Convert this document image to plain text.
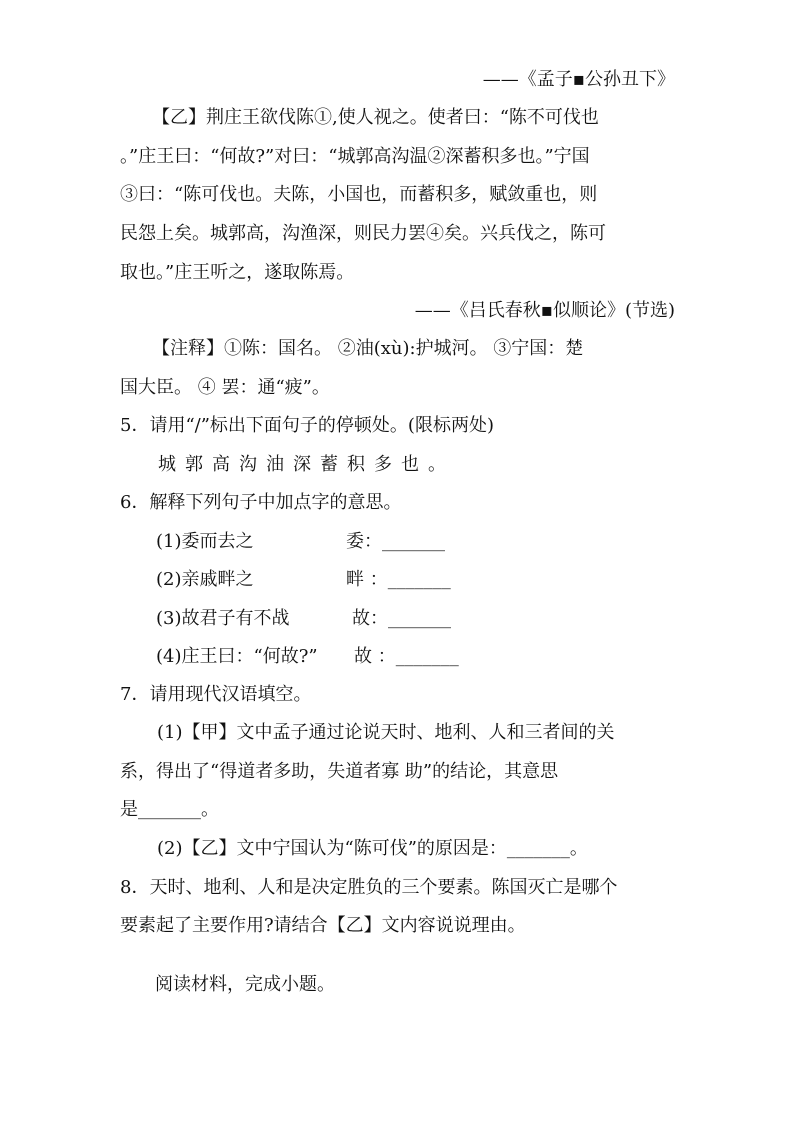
——《孟子▪公孙丑下》
【乙】荆庄王欲伐陈①,使人视之。使者曰：“陈不可伐也
。”庄王曰：“何故?”对曰：“城郭高沟温②深蓄积多也。”宁国
③曰：“陈可伐也。夫陈，小国也，而蓄积多，赋敛重也，则
民怨上矣。城郭高，沟渔深，则民力罢④矣。兴兵伐之，陈可
取也。”庄王听之，遂取陈焉。
——《吕氏春秋▪似顺论》(节选)
【注释】①陈：国名。 ②油(xù):护城河。 ③宁国：楚
国大臣。 ④ 罢：通“疲”。
5．请用“/”标出下面句子的停顿处。(限标两处)
城郭高沟油深蓄积多也。
6．解释下列句子中加点字的意思。
(1)委而去之	委：_______
(2)亲戚畔之	畔 ：_______
(3)故君子有不战	故：_______
(4)庄王曰：“何故?” 故 ：_______
7．请用现代汉语填空。
(1)【甲】文中孟子通过论说天时、地利、人和三者间的关
系，得出了“得道者多助，失道者寡 助”的结论，其意思
是_______。
(2)【乙】文中宁国认为“陈可伐”的原因是：_______。
8．天时、地利、人和是决定胜负的三个要素。陈国灭亡是哪个
要素起了主要作用?请结合【乙】文内容说说理由。
阅读材料，完成小题。
